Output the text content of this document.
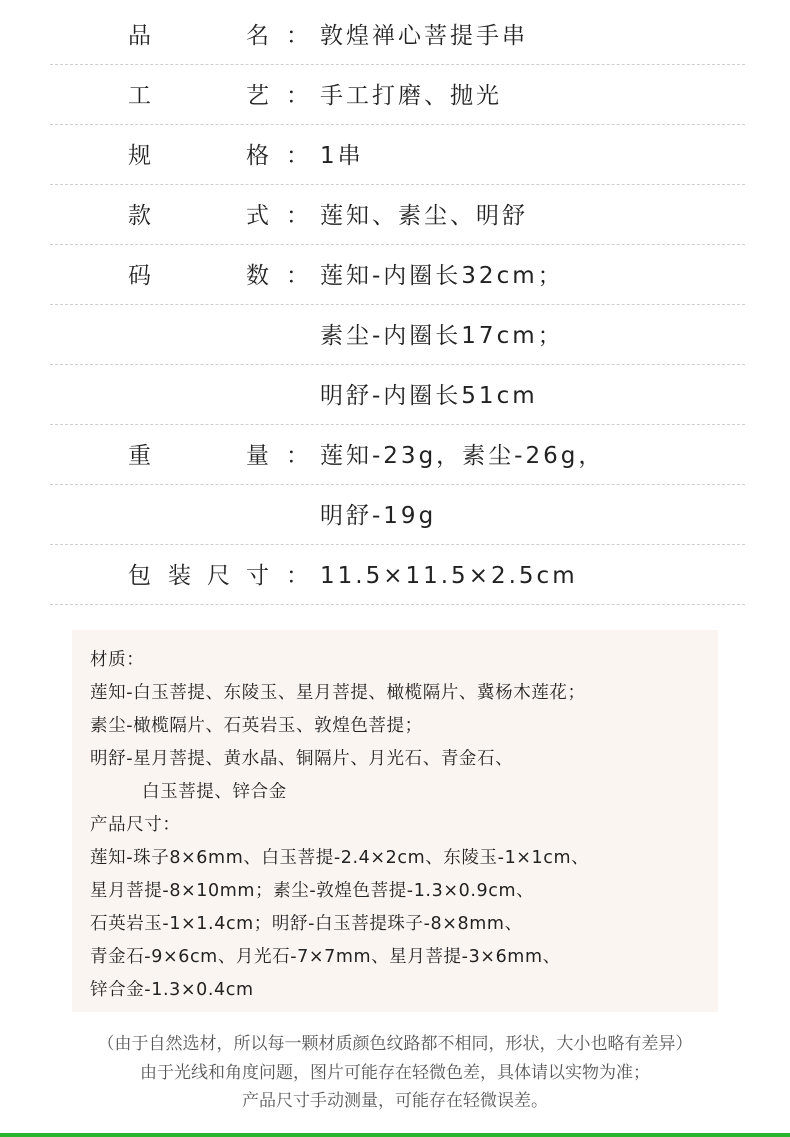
品	名 ： 敦煌禅心菩提手串
工	艺 ： 手工打磨、抛光
规	格 ： 1串
款	式 ： 莲知、素尘、明舒
码	数 ： 莲知-内圈长32cm；
素尘-内圈长17cm；
明舒-内圈长51cm
重	量 ： 莲知-23g，素尘-26g，
明舒-19g
包 装 尺 寸 ： 11.5×11.5×2.5cm
材质：
莲知-白玉菩提、东陵玉、星月菩提、橄榄隔片、冀杨木莲花；
素尘-橄榄隔片、石英岩玉、敦煌色菩提；
明舒-星月菩提、黄水晶、铜隔片、月光石、青金石、
白玉菩提、锌合金
产品尺寸：
莲知-珠子8×6mm、白玉菩提-2.4×2cm、东陵玉-1×1cm、
星月菩提-8×10mm；素尘-敦煌色菩提-1.3×0.9cm、
石英岩玉-1×1.4cm；明舒-白玉菩提珠子-8×8mm、
青金石-9×6cm、月光石-7×7mm、星月菩提-3×6mm、
锌合金-1.3×0.4cm
（由于自然选材，所以每一颗材质颜色纹路都不相同，形状，大小也略有差异）
由于光线和角度问题，图片可能存在轻微色差，具体请以实物为准；
产品尺寸手动测量，可能存在轻微误差。
